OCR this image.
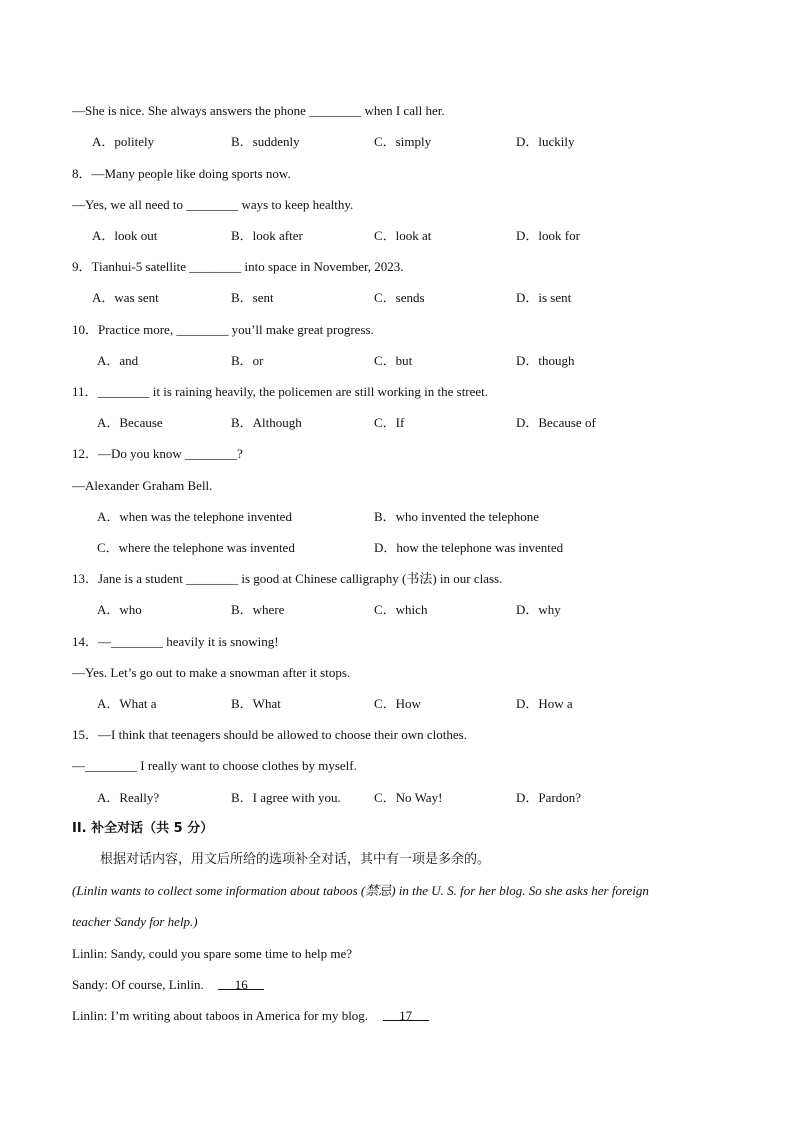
—She is nice. She always answers the phone ________ when I call her.
A．politely	B．suddenly	C．simply	D．luckily
8．—Many people like doing sports now.
—Yes, we all need to ________ ways to keep healthy.
A．look out	B．look after	C．look at	D．look for
9．Tianhui-5 satellite ________ into space in November, 2023.
A．was sent	B．sent	C．sends	D．is sent
10．Practice more, ________ you’ll make great progress.
A．and	B．or	C．but	D．though
11．________ it is raining heavily, the policemen are still working in the street.
A．Because	B．Although	C．If	D．Because of
12．—Do you know ________?
—Alexander Graham Bell.
A．when was the telephone invented	B．who invented the telephone
C．where the telephone was invented	D．how the telephone was invented
13．Jane is a student ________ is good at Chinese calligraphy (书法) in our class.
A．who	B．where	C．which	D．why
14．—________ heavily it is snowing!
—Yes. Let’s go out to make a snowman after it stops.
A．What a	B．What	C．How	D．How a
15．—I think that teenagers should be allowed to choose their own clothes.
—________ I really want to choose clothes by myself.
A．Really?	B．I agree with you.	C．No Way!	D．Pardon?
II. 补全对话（共 5 分）
根据对话内容，用文后所给的选项补全对话，其中有一项是多余的。
(Linlin wants to collect some information about taboos (禁忌) in the U. S. for her blog. So she asks her foreign
teacher Sandy for help.)
Linlin: Sandy, could you spare some time to help me?
Sandy: Of course, Linlin. 16
Linlin: I’m writing about taboos in America for my blog. 17
